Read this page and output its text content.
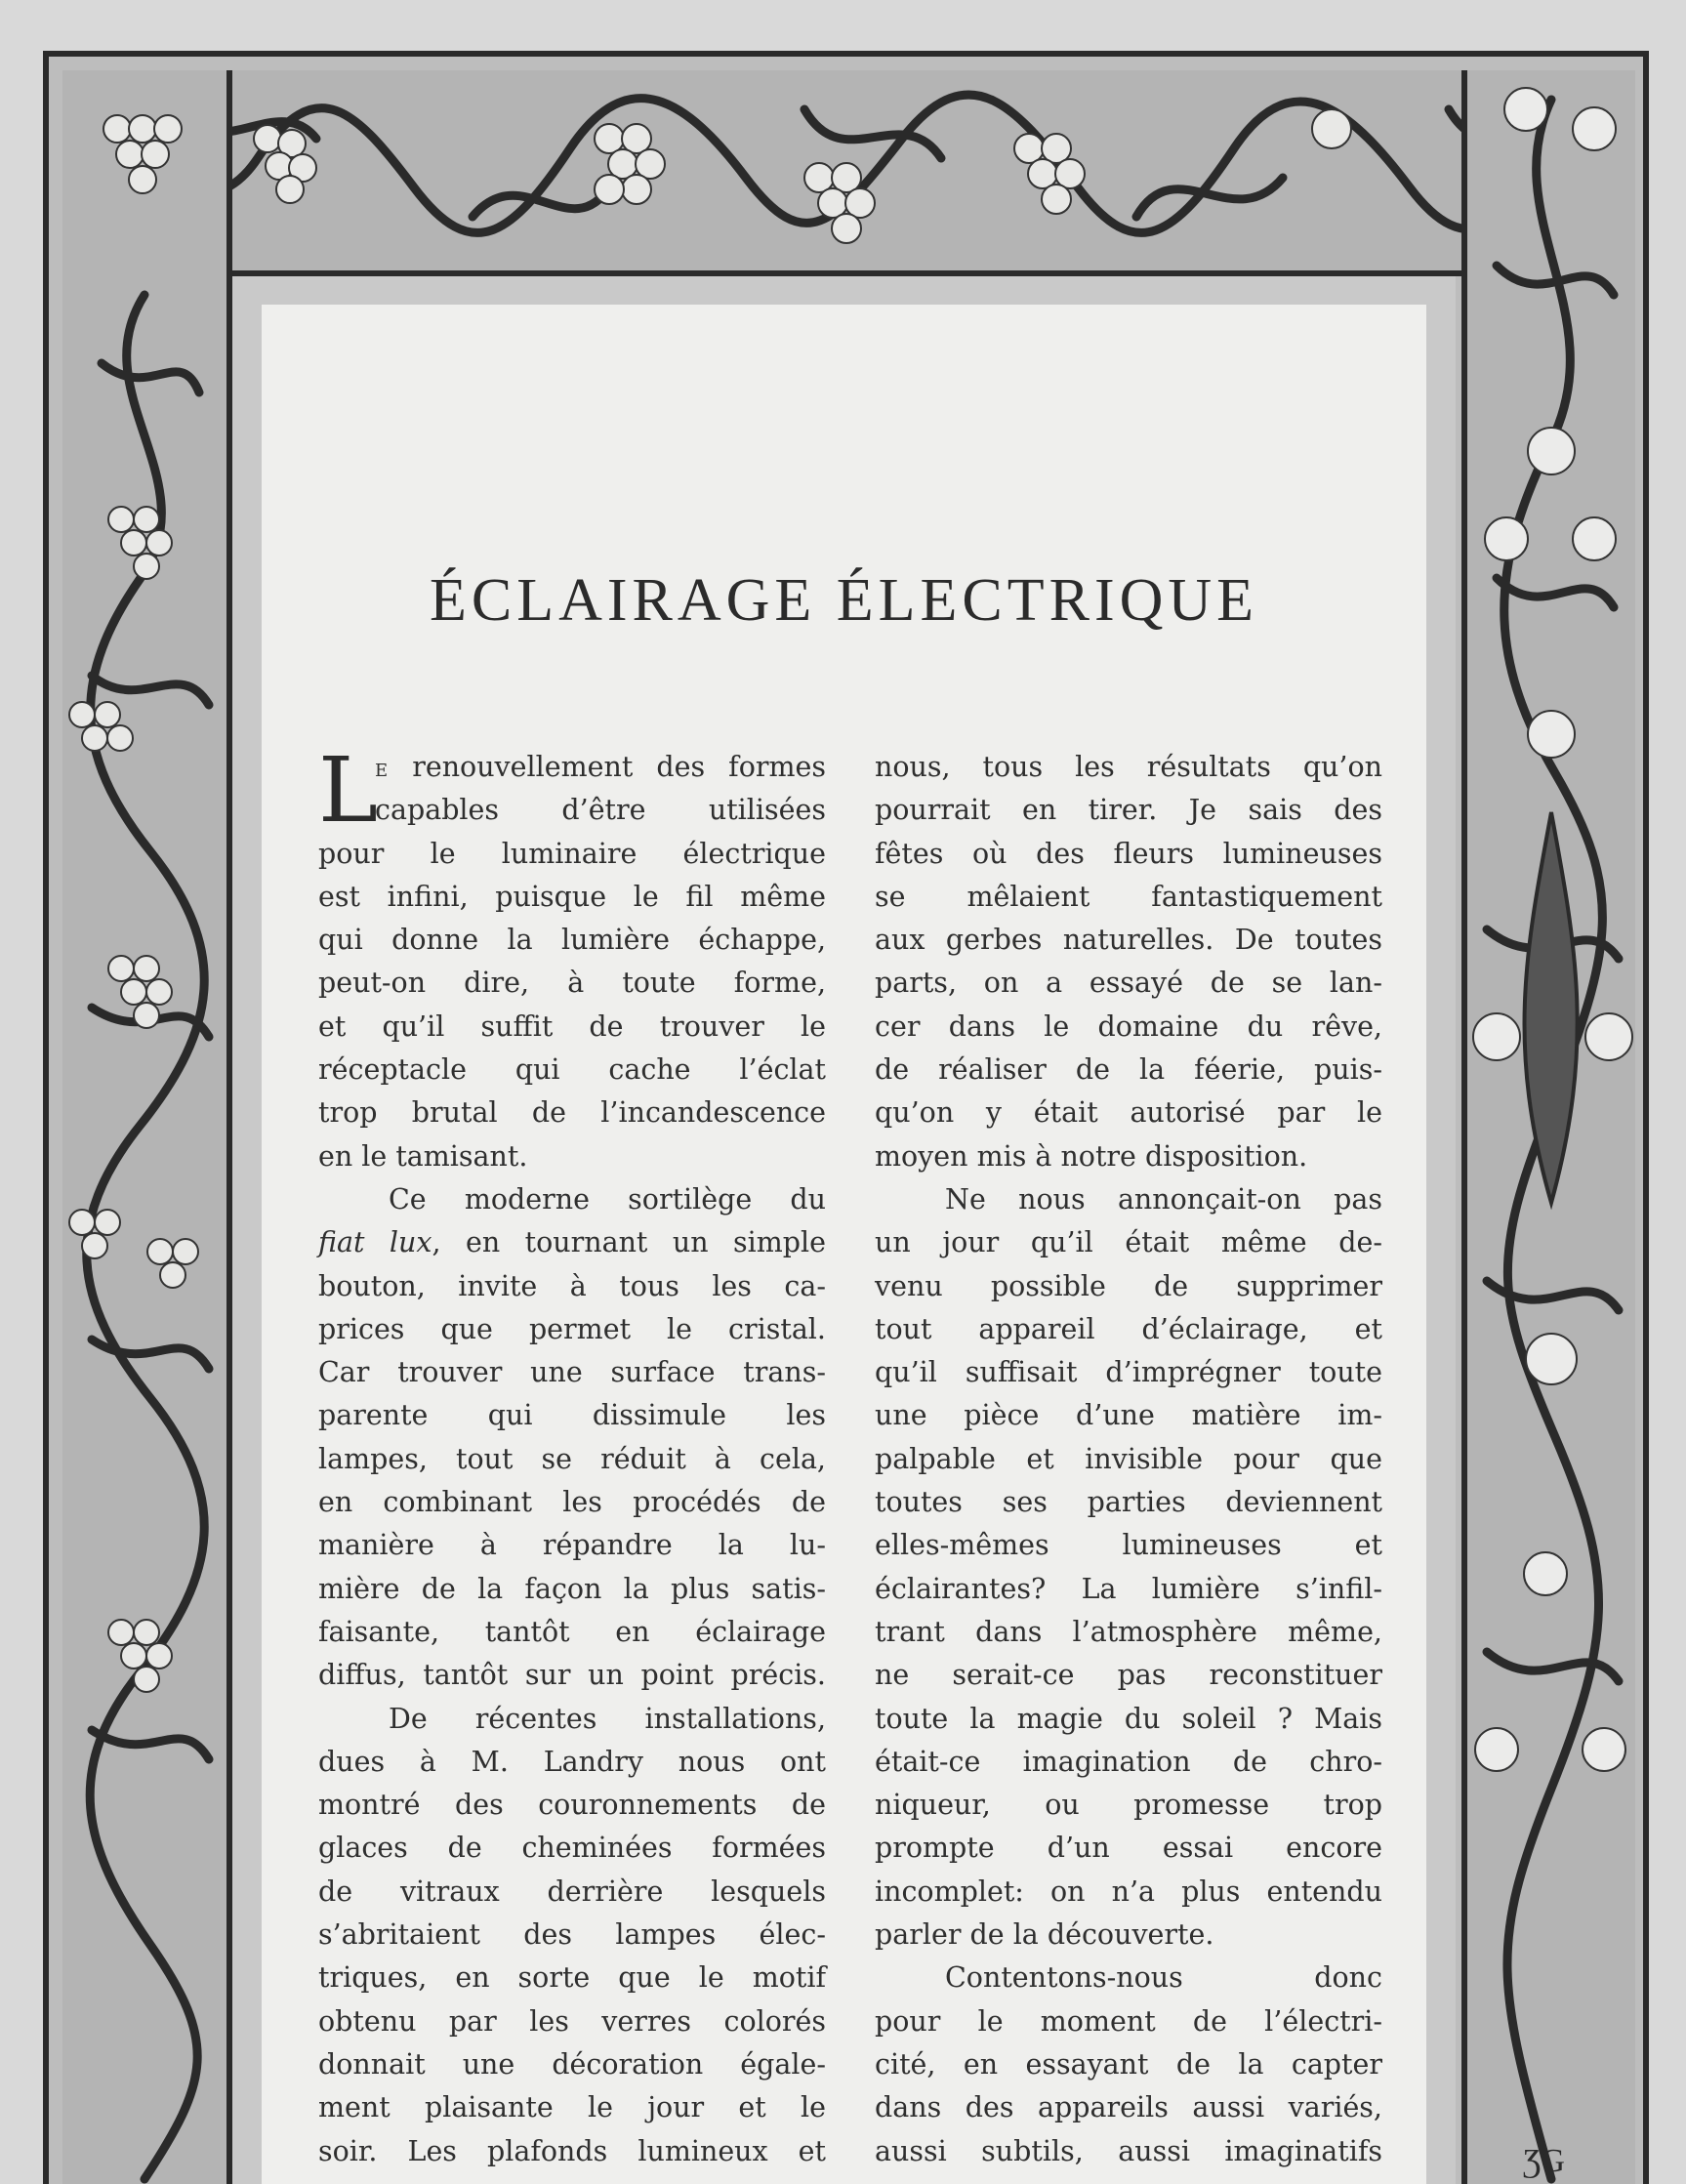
ÉCLAIRAGE ÉLECTRIQUE
L
E renouvellement des formes
capables d’être utilisées
pour le luminaire électrique
est infini, puisque le fil même
qui donne la lumière échappe,
peut-on dire, à toute forme,
et qu’il suffit de trouver le
réceptacle qui cache l’éclat
trop brutal de l’incandescence
en le tamisant.
Ce moderne sortilège du
fiat lux, en tournant un simple
bouton, invite à tous les ca-
prices que permet le cristal.
Car trouver une surface trans-
parente qui dissimule les
lampes, tout se réduit à cela,
en combinant les procédés de
manière à répandre la lu-
mière de la façon la plus satis-
faisante, tantôt en éclairage
diffus, tantôt sur un point précis.
De récentes installations,
dues à M. Landry nous ont
montré des couronnements de
glaces de cheminées formées
de vitraux derrière lesquels
s’abritaient des lampes élec-
triques, en sorte que le motif
obtenu par les verres colorés
donnait une décoration égale-
ment plaisante le jour et le
soir. Les plafonds lumineux et
nous, tous les résultats qu’on
pourrait en tirer. Je sais des
fêtes où des fleurs lumineuses
se mêlaient fantastiquement
aux gerbes naturelles. De toutes
parts, on a essayé de se lan-
cer dans le domaine du rêve,
de réaliser de la féerie, puis-
qu’on y était autorisé par le
moyen mis à notre disposition.
Ne nous annonçait-on pas
un jour qu’il était même de-
venu possible de supprimer
tout appareil d’éclairage, et
qu’il suffisait d’imprégner toute
une pièce d’une matière im-
palpable et invisible pour que
toutes ses parties deviennent
elles-mêmes lumineuses et
éclairantes? La lumière s’infil-
trant dans l’atmosphère même,
ne serait-ce pas reconstituer
toute la magie du soleil ? Mais
était-ce imagination de chro-
niqueur, ou promesse trop
prompte d’un essai encore
incomplet: on n’a plus entendu
parler de la découverte.
Contentons-nous donc
pour le moment de l’électri-
cité, en essayant de la capter
dans des appareils aussi variés,
aussi subtils, aussi imaginatifs	ƷG
